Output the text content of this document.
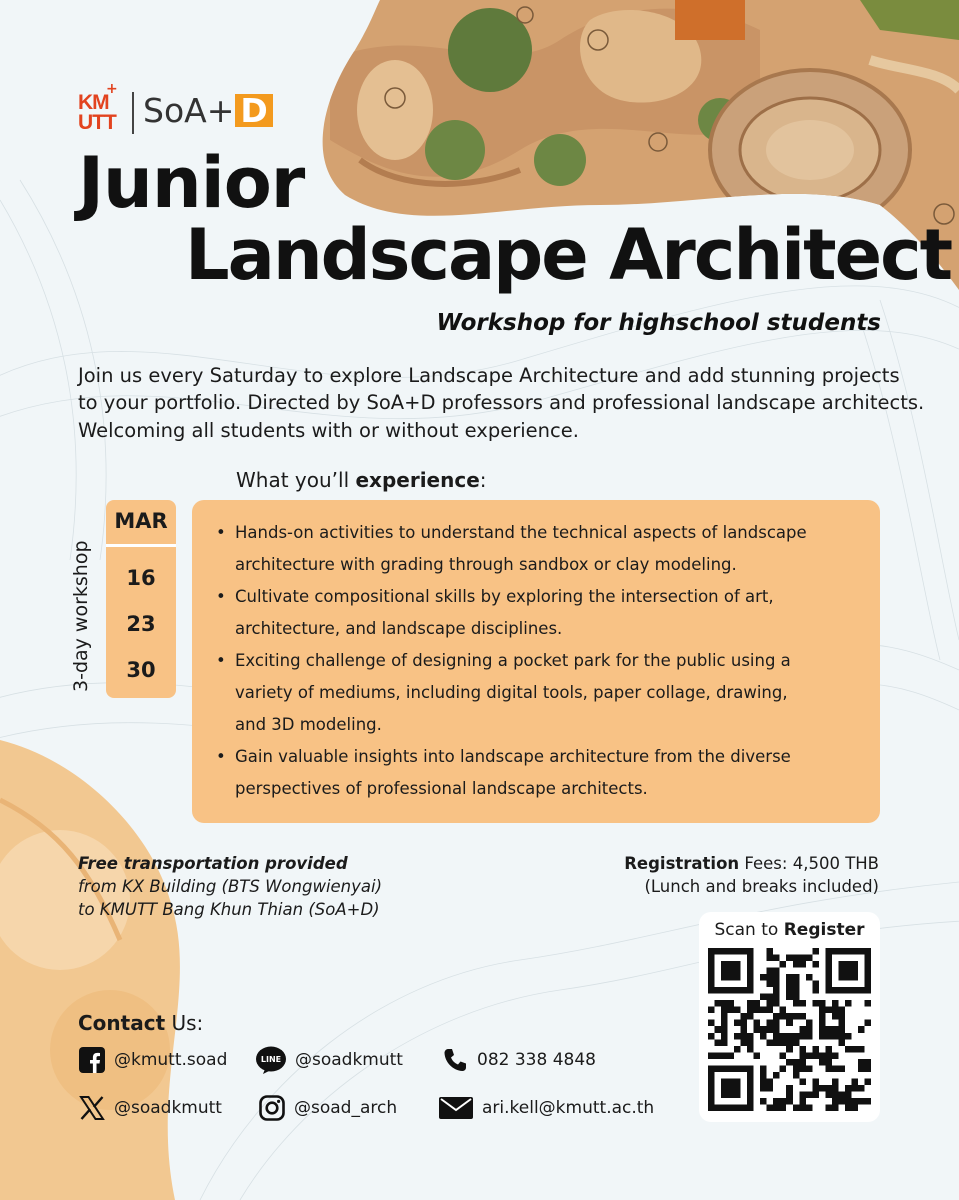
KM
UTT
+
SoA+ D
Junior
Landscape Architect
Workshop for highschool students
Join us every Saturday to explore Landscape Architecture and add stunning projects
to your portfolio. Directed by SoA+D professors and professional landscape architects.
Welcoming all students with or without experience.
What you’ll experience:
3-day workshop
MAR
16
23
30
• Hands-on activities to understand the technical aspects of landscape
architecture with grading through sandbox or clay modeling.
• Cultivate compositional skills by exploring the intersection of art,
architecture, and landscape disciplines.
• Exciting challenge of designing a pocket park for the public using a
variety of mediums, including digital tools, paper collage, drawing,
and 3D modeling.
• Gain valuable insights into landscape architecture from the diverse
perspectives of professional landscape architects.
Free transportation provided
from KX Building (BTS Wongwienyai)
to KMUTT Bang Khun Thian (SoA+D)
Registration Fees: 4,500 THB
(Lunch and breaks included)
Scan to Register
Contact Us:
@kmutt.soad	LINE @soadkmutt	082 338 4848
@soadkmutt	@soad_arch	ari.kell@kmutt.ac.th
